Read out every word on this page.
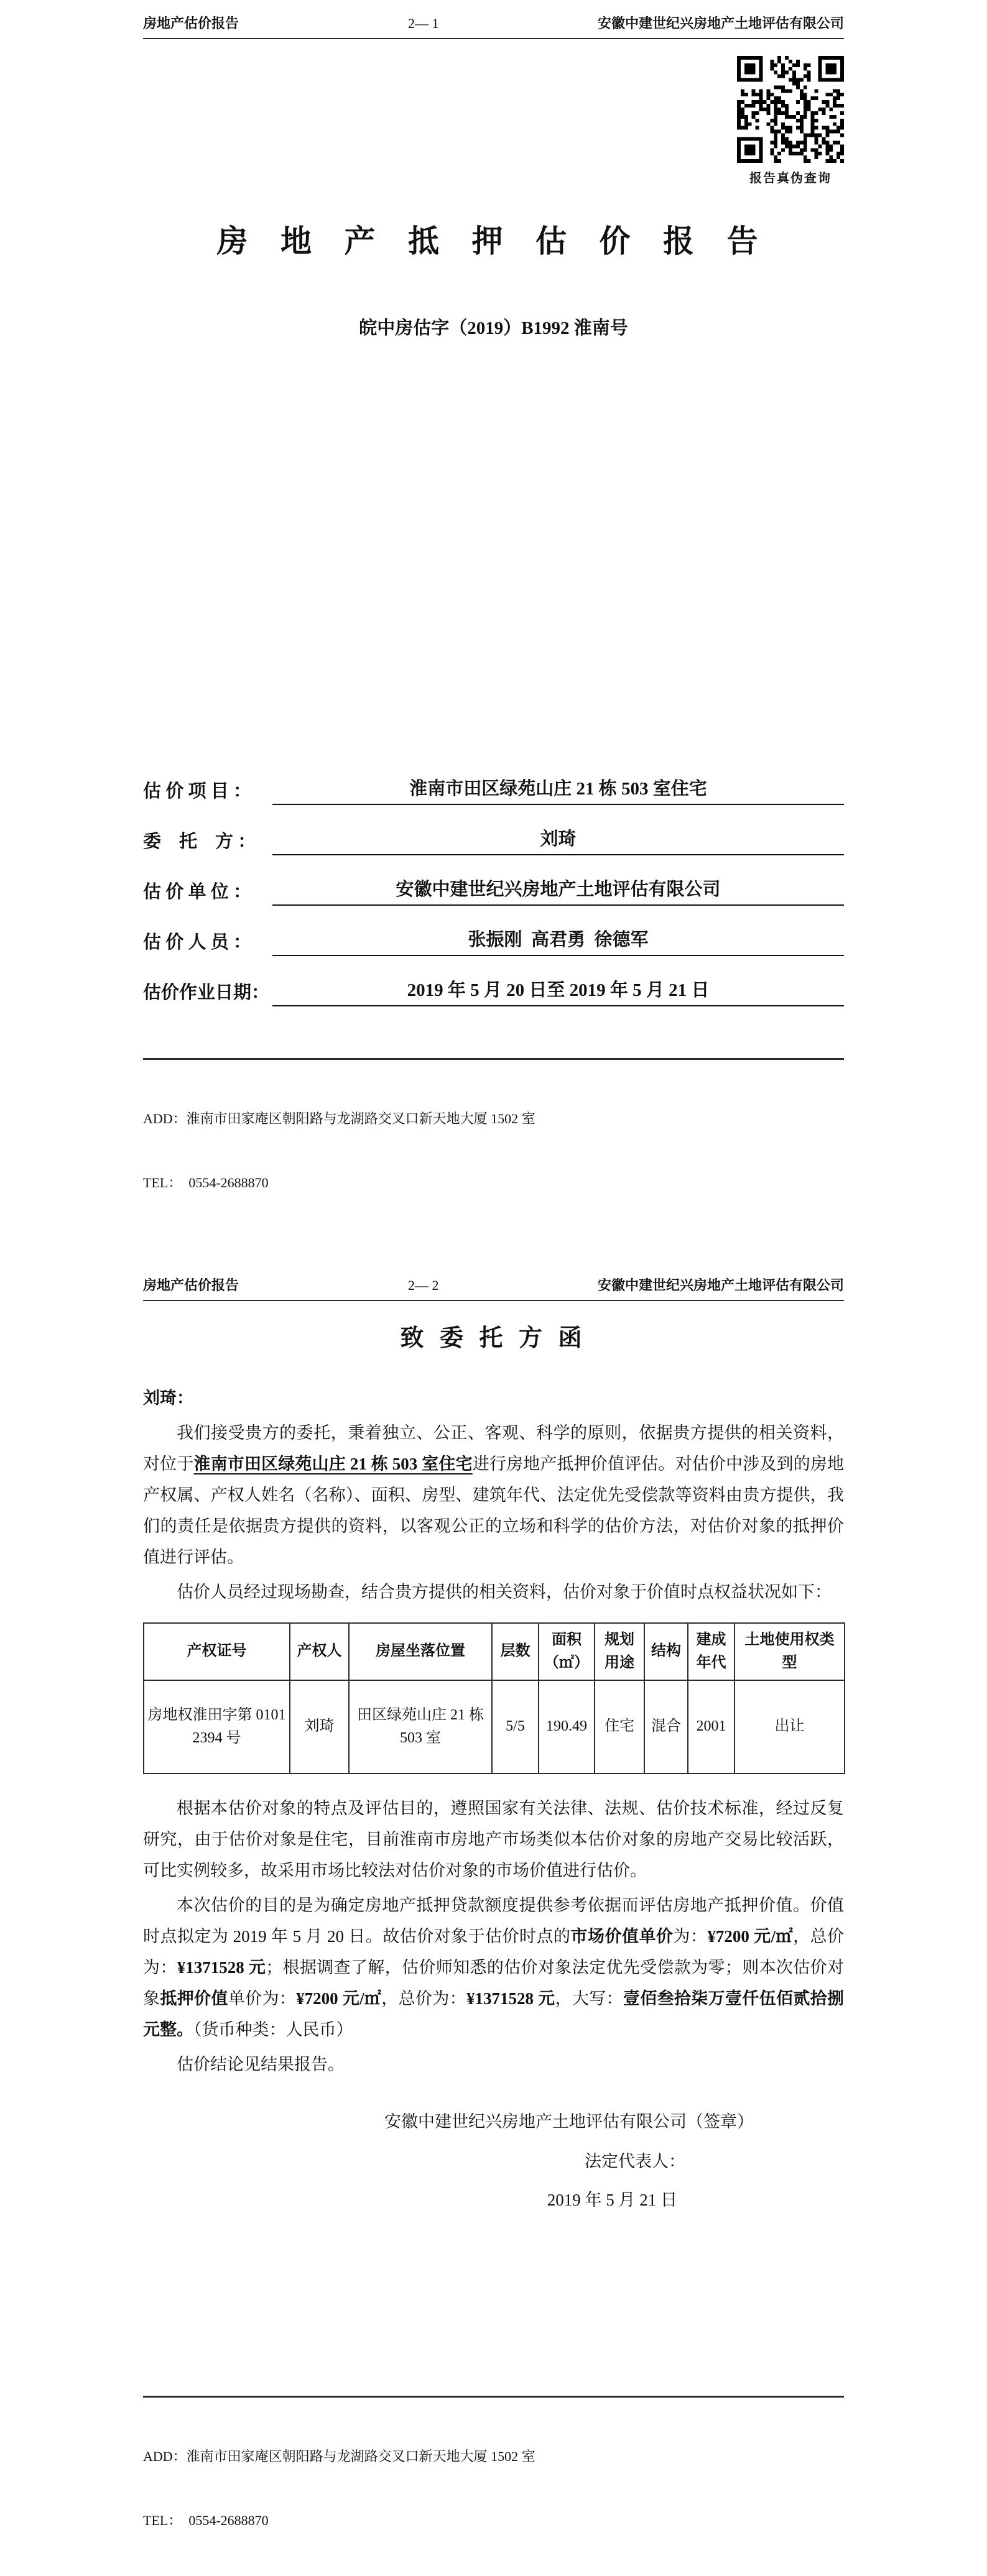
房地产估价报告	2— 1	安徽中建世纪兴房地产土地评估有限公司
报告真伪查询
房 地 产 抵 押 估 价 报 告
皖中房估字（2019）B1992 淮南号
估 价 项 目 ：	淮南市田区绿苑山庄 21 栋 503 室住宅
委　托　方 ：	刘琦
估 价 单 位 ：	安徽中建世纪兴房地产土地评估有限公司
估 价 人 员 ：	张振刚  高君勇  徐德军
估价作业日期：	2019 年 5 月 20 日至 2019 年 5 月 21 日

ADD：淮南市田家庵区朝阳路与龙湖路交叉口新天地大厦 1502 室

TEL：  0554-2688870

房地产估价报告	2— 2	安徽中建世纪兴房地产土地评估有限公司
致 委 托 方 函
刘琦：

我们接受贵方的委托，秉着独立、公正、客观、科学的原则，依据贵方提供的相关资料，对位于淮南市田区绿苑山庄 21 栋 503 室住宅进行房地产抵押价值评估。对估价中涉及到的房地产权属、产权人姓名（名称）、面积、房型、建筑年代、法定优先受偿款等资料由贵方提供，我们的责任是依据贵方提供的资料，以客观公正的立场和科学的估价方法，对估价对象的抵押价值进行评估。

估价人员经过现场勘查，结合贵方提供的相关资料，估价对象于价值时点权益状况如下：

产权证号	产权人	房屋坐落位置	层数	面积（㎡）	规划用途	结构	建成年代	土地使用权类型
房地权淮田字第 01012394 号	刘琦	田区绿苑山庄 21 栋 503 室	5/5	190.49	住宅	混合	2001	出让

根据本估价对象的特点及评估目的，遵照国家有关法律、法规、估价技术标准，经过反复研究，由于估价对象是住宅，目前淮南市房地产市场类似本估价对象的房地产交易比较活跃，可比实例较多，故采用市场比较法对估价对象的市场价值进行估价。

本次估价的目的是为确定房地产抵押贷款额度提供参考依据而评估房地产抵押价值。价值时点拟定为 2019 年 5 月 20 日。故估价对象于估价时点的市场价值单价为：¥7200 元/㎡，总价为：¥1371528 元；根据调查了解，估价师知悉的估价对象法定优先受偿款为零；则本次估价对象抵押价值单价为：¥7200 元/㎡，总价为：¥1371528 元，大写：壹佰叁拾柒万壹仟伍佰贰拾捌元整。（货币种类：人民币）

估价结论见结果报告。

安徽中建世纪兴房地产土地评估有限公司（签章）
法定代表人：
2019 年 5 月 21 日

ADD：淮南市田家庵区朝阳路与龙湖路交叉口新天地大厦 1502 室

TEL：  0554-2688870
